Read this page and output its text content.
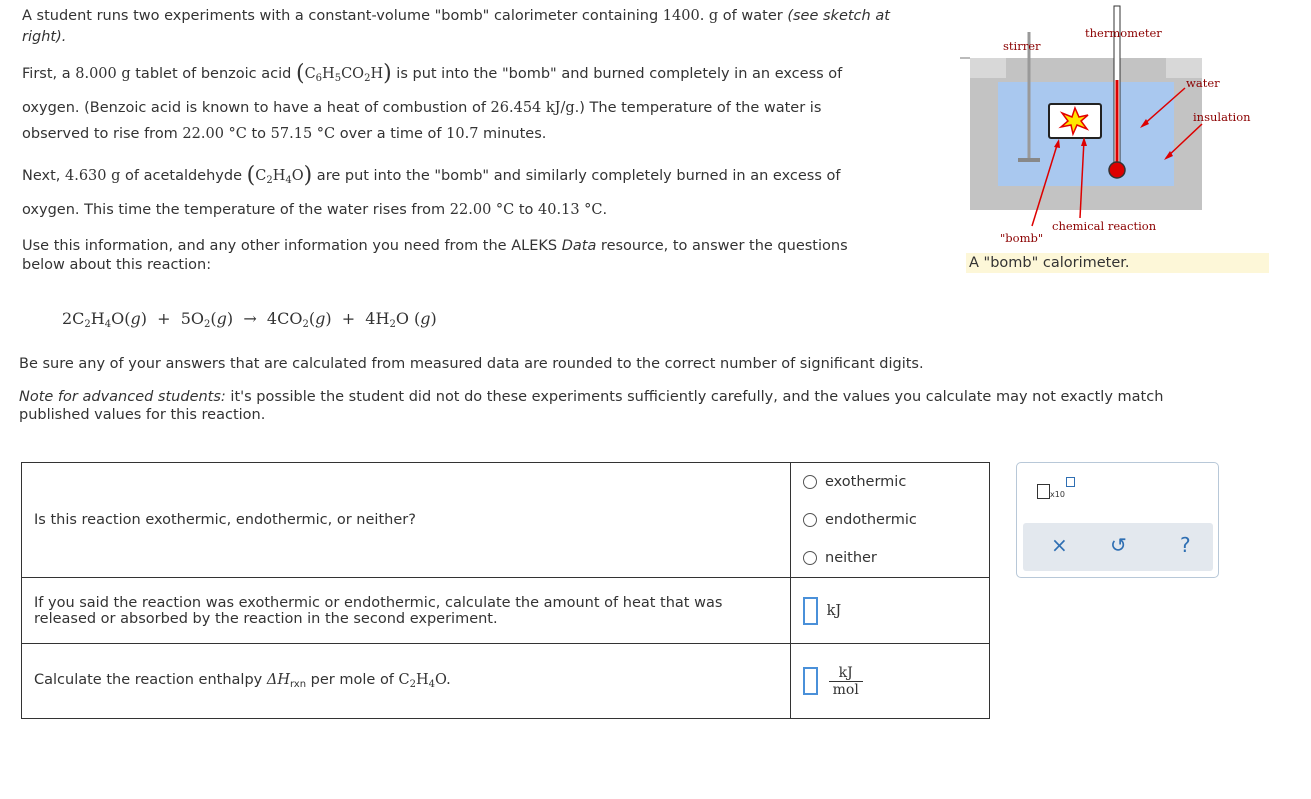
A student runs two experiments with a constant-volume "bomb" calorimeter containing 1400. g of water (see sketch at
right).
First, a 8.000 g tablet of benzoic acid $(C_6H_5CO_2H)$ is put into the "bomb" and burned completely in an excess of
oxygen. (Benzoic acid is known to have a heat of combustion of 26.454 kJ/g.) The temperature of the water is
observed to rise from 22.00 °C to 57.15 °C over a time of 10.7 minutes.
Next, 4.630 g of acetaldehyde $(C_2H_4O)$ are put into the "bomb" and similarly completely burned in an excess of
oxygen. This time the temperature of the water rises from 22.00 °C to 40.13 °C.
Use this information, and any other information you need from the ALEKS Data resource, to answer the questions
below about this reaction:
$2C_2H_4O(g) + 5O_2(g) \to 4CO_2(g) + 4H_2O$ (g)
Be sure any of your answers that are calculated from measured data are rounded to the correct number of significant digits.
Note for advanced students: it's possible the student did not do these experiments sufficiently carefully, and the values you calculate may not exactly match
published values for this reaction.
stirrer
thermometer
water
insulation
chemical reaction
"bomb"
A "bomb" calorimeter.
Is this reaction exothermic, endothermic, or neither?	exothermic
endothermic
neither

If you said the reaction was exothermic or endothermic, calculate the amount of heat that was
released or absorbed by the reaction in the second experiment.	kJ
Calculate the reaction enthalpy $\Delta H_{rxn}$ per mole of $C_2H_4O$.	$\frac{kJ}{\text{mol}}$
x10
× ↺	?
